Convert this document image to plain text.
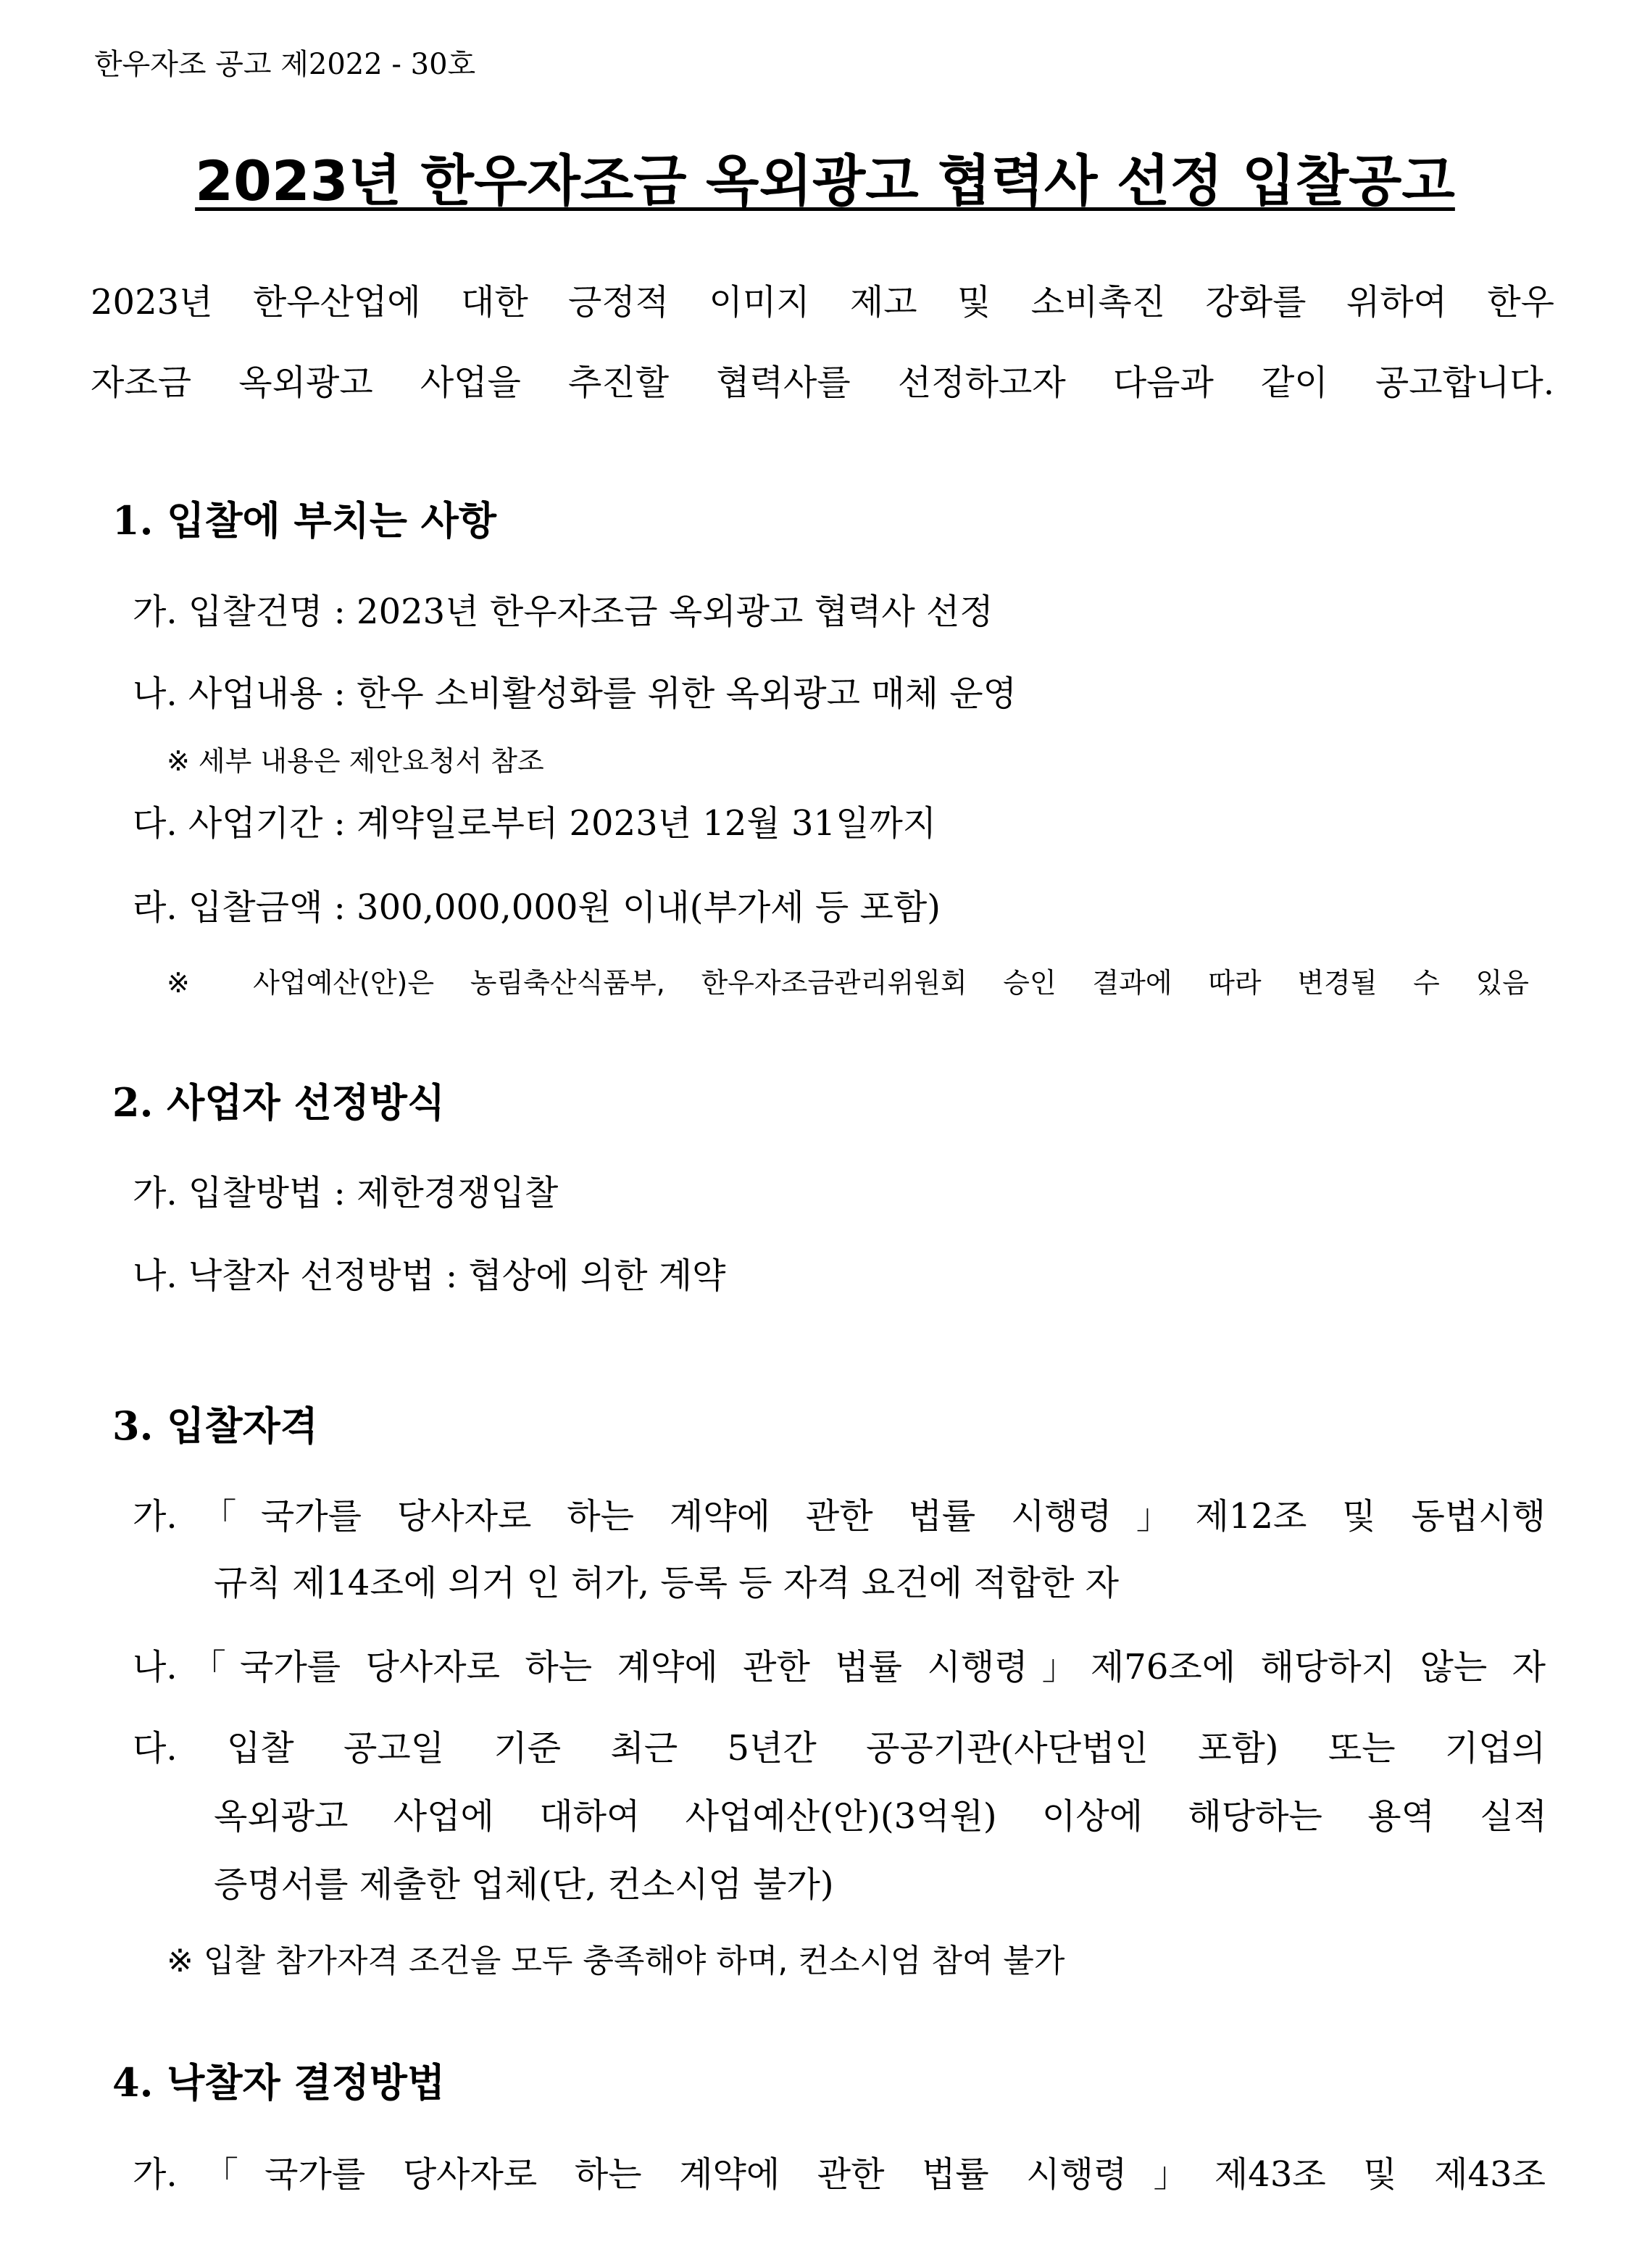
한우자조 공고 제2022 - 30호
2023년 한우자조금 옥외광고 협력사 선정 입찰공고
2023년 한우산업에 대한 긍정적 이미지 제고 및 소비촉진 강화를 위하여 한우
자조금 옥외광고 사업을 추진할 협력사를 선정하고자 다음과 같이 공고합니다.
1. 입찰에 부치는 사항
가. 입찰건명 : 2023년 한우자조금 옥외광고 협력사 선정
나. 사업내용 : 한우 소비활성화를 위한 옥외광고 매체 운영
※ 세부 내용은 제안요청서 참조
다. 사업기간 : 계약일로부터 2023년 12월 31일까지
라. 입찰금액 : 300,000,000원 이내(부가세 등 포함)
※ 사업예산(안)은 농림축산식품부, 한우자조금관리위원회 승인 결과에 따라 변경될 수 있음
2. 사업자 선정방식
가. 입찰방법 : 제한경쟁입찰
나. 낙찰자 선정방법 : 협상에 의한 계약
3. 입찰자격
가.「국가를 당사자로 하는 계약에 관한 법률 시행령」제12조 및 동법시행
규칙 제14조에 의거 인 허가, 등록 등 자격 요건에 적합한 자
나.「국가를 당사자로 하는 계약에 관한 법률 시행령」제76조에 해당하지 않는 자
다. 입찰 공고일 기준 최근 5년간 공공기관(사단법인 포함) 또는 기업의
옥외광고 사업에 대하여 사업예산(안)(3억원) 이상에 해당하는 용역 실적
증명서를 제출한 업체(단, 컨소시엄 불가)
※ 입찰 참가자격 조건을 모두 충족해야 하며, 컨소시엄 참여 불가
4. 낙찰자 결정방법
가.「국가를 당사자로 하는 계약에 관한 법률 시행령」제43조 및 제43조
